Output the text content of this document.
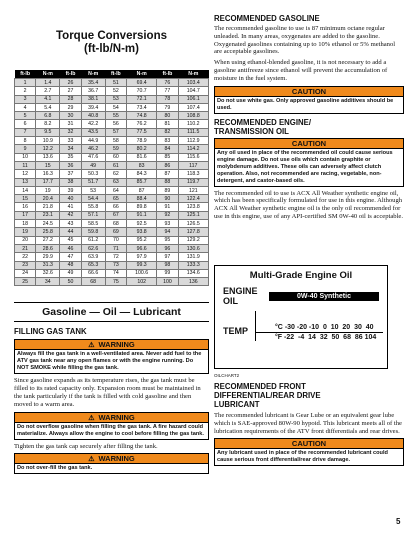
Torque Conversions
(ft-lb/N-m)
ft-lb	N-m	ft-lb	N-m	ft-lb	N-m	ft-lb	N-m
1	1.4	26	35.4	51	69.4	76	103.4
2	2.7	27	36.7	52	70.7	77	104.7
3	4.1	28	38.1	53	72.1	78	106.1
4	5.4	29	39.4	54	73.4	79	107.4
5	6.8	30	40.8	55	74.8	80	108.8
6	8.2	31	42.2	56	76.2	81	110.2
7	9.5	32	43.5	57	77.5	82	111.5
8	10.9	33	44.9	58	78.9	83	112.9
9	12.2	34	46.2	59	80.2	84	114.2
10	13.6	35	47.6	60	81.6	85	115.6
11	15	36	49	61	83	86	117
12	16.3	37	50.3	62	84.3	87	118.3
13	17.7	38	51.7	63	85.7	88	119.7
14	19	39	53	64	87	89	121
15	20.4	40	54.4	65	88.4	90	122.4
16	21.8	41	55.8	66	89.8	91	123.8
17	23.1	42	57.1	67	91.1	92	125.1
18	24.5	43	58.5	68	92.5	93	126.5
19	25.8	44	59.8	69	93.8	94	127.8
20	27.2	45	61.2	70	95.2	95	129.2
21	28.6	46	62.6	71	96.6	96	130.6
22	29.9	47	63.9	72	97.9	97	131.9
23	31.3	48	65.3	73	99.3	98	133.3
24	32.6	49	66.6	74	100.6	99	134.6
25	34	50	68	75	102	100	136
Gasoline — Oil — Lubricant

FILLING GAS TANK

⚠ WARNING
Always fill the gas tank in a well-ventilated area. Never add fuel to the ATV gas tank near any open flames or with the engine running. Do NOT SMOKE while filling the gas tank.

Since gasoline expands as its temperature rises, the gas tank must be filled to its rated capacity only. Expansion room must be maintained in the tank particularly if the tank is filled with cold gasoline and then moved to a warm area.

⚠ WARNING
Do not overflow gasoline when filling the gas tank. A fire hazard could materialize. Always allow the engine to cool before filling the gas tank.

Tighten the gas tank cap securely after filling the tank.

⚠ WARNING
Do not over-fill the gas tank.

RECOMMENDED GASOLINE

The recommended gasoline to use is 87 minimum octane regular unleaded. In many areas, oxygenates are added to the gasoline. Oxygenated gasolines containing up to 10% ethanol or 5% methanol are acceptable gasolines.

When using ethanol-blended gasoline, it is not necessary to add a gasoline antifreeze since ethanol will prevent the accumulation of moisture in the fuel system.

CAUTION
Do not use white gas. Only approved gasoline additives should be used.

RECOMMENDED ENGINE/
TRANSMISSION OIL

CAUTION
Any oil used in place of the recommended oil could cause serious engine damage. Do not use oils which contain graphite or molybdenum additives. These oils can adversely affect clutch operation. Also, not recommended are racing, vegetable, non-detergent, and castor-based oils.

The recommended oil to use is ACX All Weather synthetic engine oil, which has been specifically formulated for use in this engine. Although ACX All Weather synthetic engine oil is the only oil recommended for use in this engine, use of any API-certified SM 0W-40 oil is acceptable.

Multi-Grade Engine Oil
ENGINE
OIL	0W-40 Synthetic
TEMP	°C -30 -20 -10  0  10  20  30  40
°F -22  -4  14  32  50  68  86 104
OILCHART2

RECOMMENDED FRONT
DIFFERENTIAL/REAR DRIVE
LUBRICANT

The recommended lubricant is Gear Lube or an equivalent gear lube which is SAE-approved 80W-90 hypoid. This lubricant meets all of the lubrication requirements of the ATV front differentials and rear drives.

CAUTION
Any lubricant used in place of the recommended lubricant could cause serious front differential/rear drive damage.
5
